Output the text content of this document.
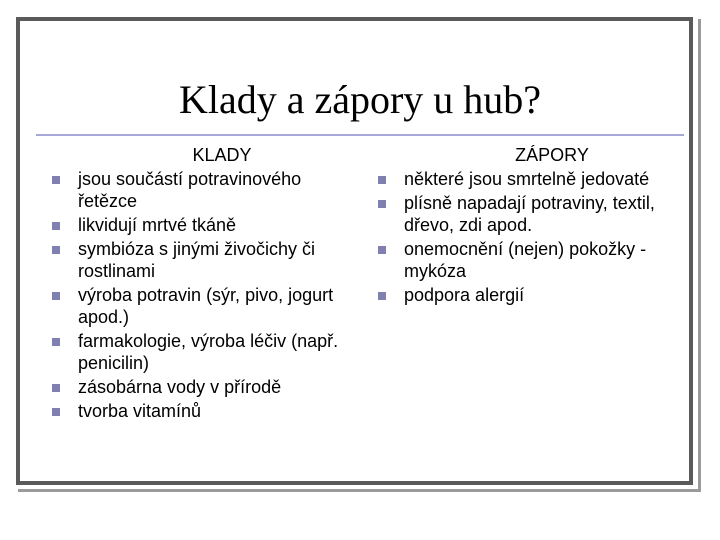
Klady a zápory u hub?
KLADY
jsou součástí potravinového řetězce
likvidují mrtvé tkáně
symbióza s jinými živočichy či rostlinami
výroba potravin (sýr, pivo, jogurt apod.)
farmakologie, výroba léčiv (např. penicilin)
zásobárna vody v přírodě
tvorba vitamínů
ZÁPORY
některé jsou smrtelně jedovaté
plísně napadají potraviny, textil, dřevo, zdi apod.
onemocnění (nejen) pokožky - mykóza
podpora alergií
